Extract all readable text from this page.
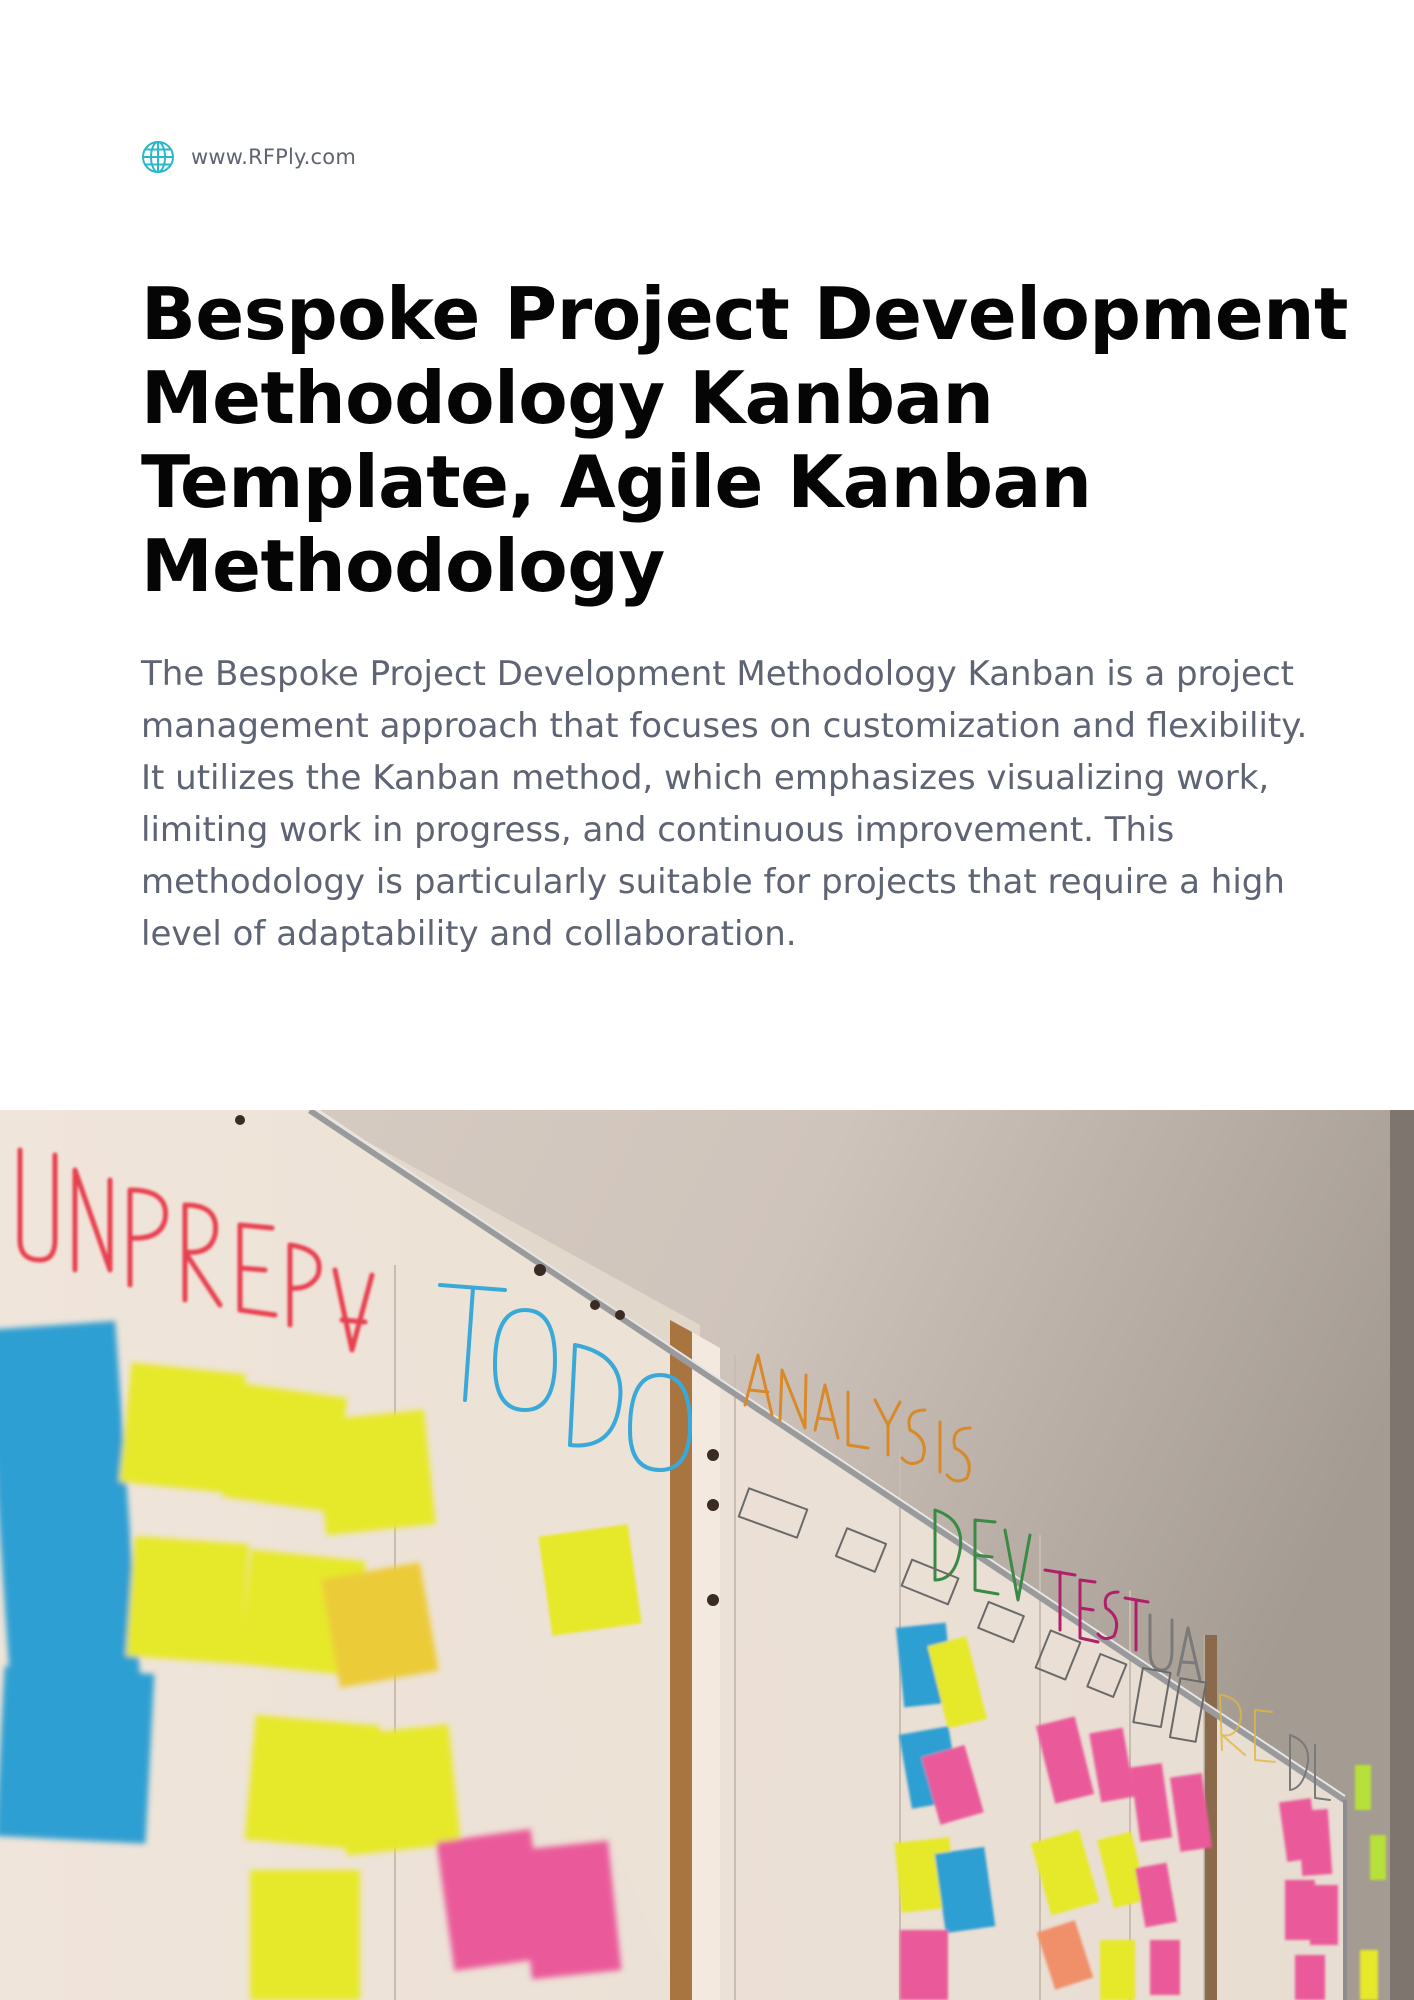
www.RFPly.com
Bespoke Project Development Methodology Kanban Template, Agile Kanban Methodology

The Bespoke Project Development Methodology Kanban is a project management approach that focuses on customization and flexibility. It utilizes the Kanban method, which emphasizes visualizing work, limiting work in progress, and continuous improvement. This methodology is particularly suitable for projects that require a high level of adaptability and collaboration.
